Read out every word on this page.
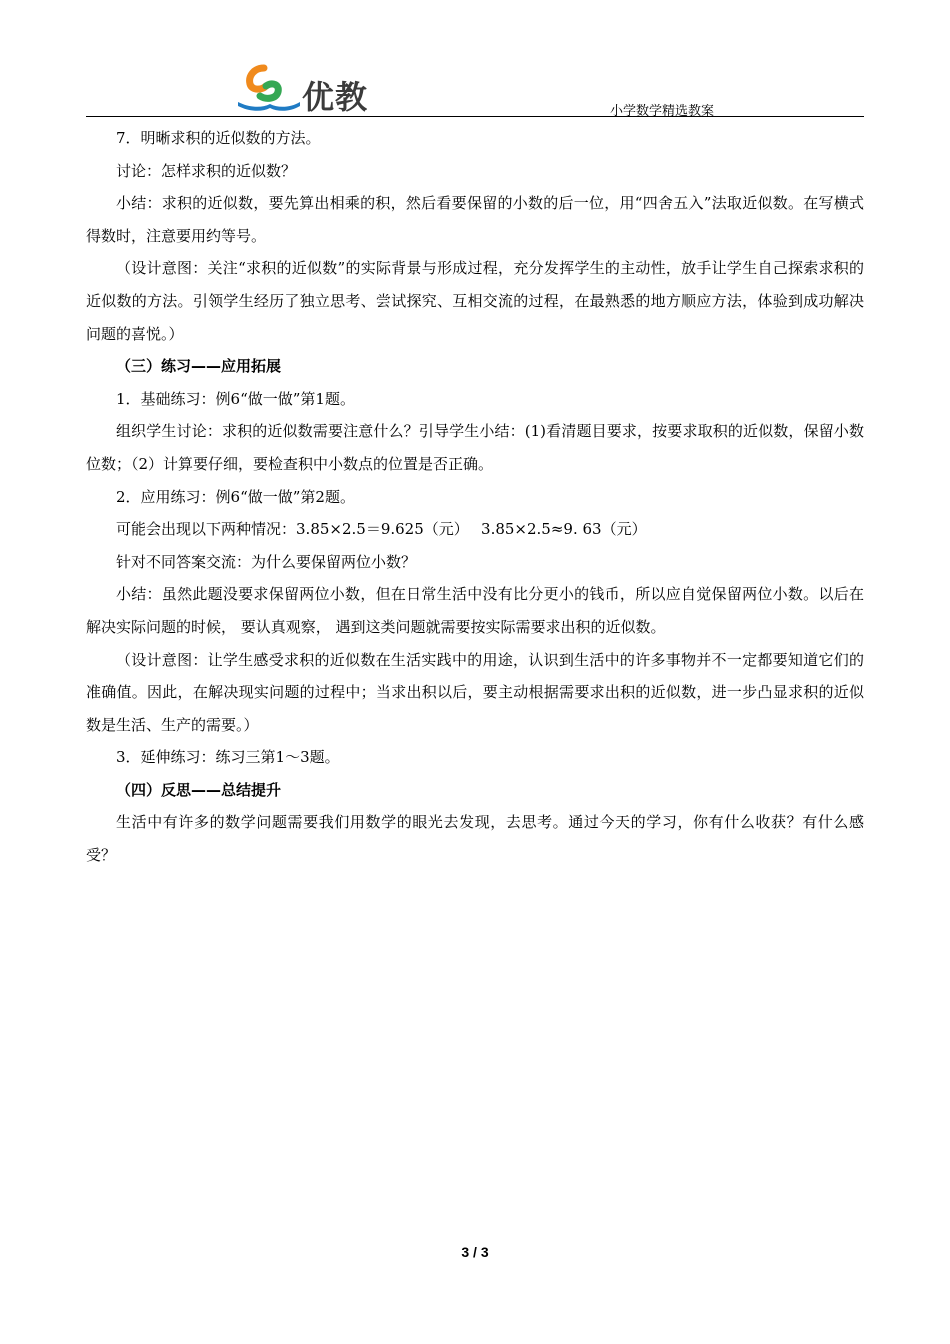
优教	小学数学精选教案

7．明晰求积的近似数的方法。

讨论：怎样求积的近似数？

小结：求积的近似数，要先算出相乘的积，然后看要保留的小数的后一位，用“四舍五入”法取近似数。在写横式得数时，注意要用约等号。

（设计意图：关注“求积的近似数”的实际背景与形成过程，充分发挥学生的主动性，放手让学生自己探索求积的近似数的方法。引领学生经历了独立思考、尝试探究、互相交流的过程，在最熟悉的地方顺应方法，体验到成功解决问题的喜悦。）

（三）练习——应用拓展

1．基础练习：例6“做一做”第1题。

组织学生讨论：求积的近似数需要注意什么？引导学生小结：(1)看清题目要求，按要求取积的近似数，保留小数位数；（2）计算要仔细，要检查积中小数点的位置是否正确。

2．应用练习：例6“做一做”第2题。

可能会出现以下两种情况：3.85×2.5＝9.625（元）　 3.85×2.5≈9. 63（元）

针对不同答案交流：为什么要保留两位小数？

小结：虽然此题没要求保留两位小数，但在日常生活中没有比分更小的钱币，所以应自觉保留两位小数。以后在解决实际问题的时候， 要认真观察， 遇到这类问题就需要按实际需要求出积的近似数。

（设计意图：让学生感受求积的近似数在生活实践中的用途，认识到生活中的许多事物并不一定都要知道它们的准确值。因此，在解决现实问题的过程中；当求出积以后，要主动根据需要求出积的近似数，进一步凸显求积的近似数是生活、生产的需要。）

3．延伸练习：练习三第1～3题。

（四）反思——总结提升

生活中有许多的数学问题需要我们用数学的眼光去发现，去思考。通过今天的学习，你有什么收获？有什么感受？

3 / 3
